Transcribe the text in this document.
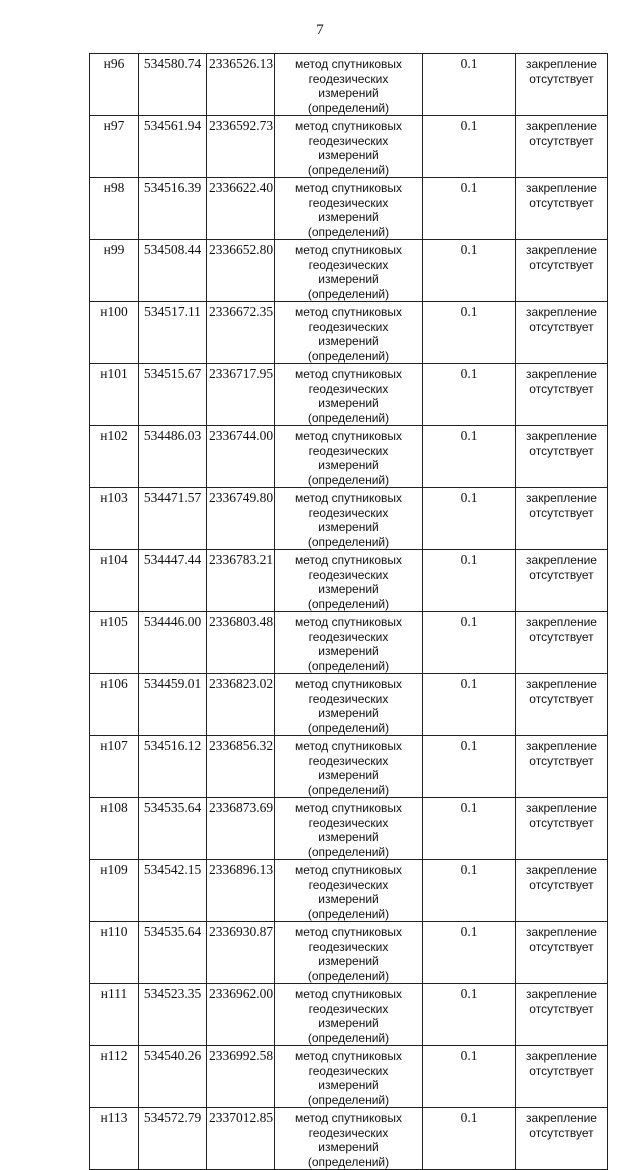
7
н96	534580.74	2336526.13	метод спутниковых
геодезических измерений
(определений)	0.1	закрепление
отсутствует

н97	534561.94	2336592.73	метод спутниковых
геодезических измерений
(определений)	0.1	закрепление
отсутствует

н98	534516.39	2336622.40	метод спутниковых
геодезических измерений
(определений)	0.1	закрепление
отсутствует

н99	534508.44	2336652.80	метод спутниковых
геодезических измерений
(определений)	0.1	закрепление
отсутствует

н100	534517.11	2336672.35	метод спутниковых
геодезических измерений
(определений)	0.1	закрепление
отсутствует

н101	534515.67	2336717.95	метод спутниковых
геодезических измерений
(определений)	0.1	закрепление
отсутствует

н102	534486.03	2336744.00	метод спутниковых
геодезических измерений
(определений)	0.1	закрепление
отсутствует

н103	534471.57	2336749.80	метод спутниковых
геодезических измерений
(определений)	0.1	закрепление
отсутствует

н104	534447.44	2336783.21	метод спутниковых
геодезических измерений
(определений)	0.1	закрепление
отсутствует

н105	534446.00	2336803.48	метод спутниковых
геодезических измерений
(определений)	0.1	закрепление
отсутствует

н106	534459.01	2336823.02	метод спутниковых
геодезических измерений
(определений)	0.1	закрепление
отсутствует

н107	534516.12	2336856.32	метод спутниковых
геодезических измерений
(определений)	0.1	закрепление
отсутствует

н108	534535.64	2336873.69	метод спутниковых
геодезических измерений
(определений)	0.1	закрепление
отсутствует

н109	534542.15	2336896.13	метод спутниковых
геодезических измерений
(определений)	0.1	закрепление
отсутствует

н110	534535.64	2336930.87	метод спутниковых
геодезических измерений
(определений)	0.1	закрепление
отсутствует

н111	534523.35	2336962.00	метод спутниковых
геодезических измерений
(определений)	0.1	закрепление
отсутствует

н112	534540.26	2336992.58	метод спутниковых
геодезических измерений
(определений)	0.1	закрепление
отсутствует

н113	534572.79	2337012.85	метод спутниковых
геодезических измерений
(определений)	0.1	закрепление
отсутствует
